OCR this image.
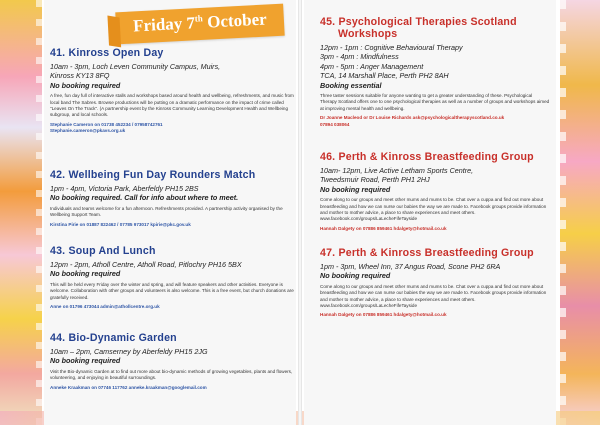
Friday 7th October
41. Kinross Open Day
10am - 3pm, Loch Leven Community Campus, Muirs,
Kinross KY13 8FQ
No booking required
A free, fun day full of interactive stalls and workshops based around health and wellbeing, refreshments, and music from local band The Sabres. Browse productions will be putting on a dramatic performance on the impact of crime called "Leaves On The Track". (A partnership event by the Kinross Community Learning Development Health and Wellbeing subgroup, and local schools.
Stephanie Cameron on 01738 452234 / 07958742761
Stephanie.cameron@pkavs.org.uk
42. Wellbeing Fun Day Rounders Match
1pm - 4pm, Victoria Park, Aberfeldy PH15 2BS
No booking required. Call for info about where to meet.
Individuals and teams welcome for a fun afternoon. Refreshments provided. A partnership activity organised by the Wellbeing Support Team.
Kirstina Pirie on 01887 822462 / 07785 973017 kpirie@pkc.gov.uk
43. Soup And Lunch
12pm - 2pm, Atholl Centre, Atholl Road, Pitlochry PH16 5BX
No booking required
This will be held every Friday over the winter and spring, and will feature speakers and other activities. Everyone is welcome. Collaboration with other groups and volunteers is also welcome. This is a free event, but church donations are gratefully received.
Anne on 01796 473044 admin@athollcentre.org.uk
44. Bio-Dynamic Garden
10am – 2pm, Camserney by Aberfeldy PH15 2JG
No booking required
Visit the Bio-dynamic Garden at to find out more about bio-dynamic methods of growing vegetables, plants and flowers, volunteering, and enjoying in beautiful surroundings.
Anneke Kraakman on 07746 117762 anneke.kraakman@googlemail.com
45. Psychological Therapies Scotland
Workshops
12pm - 1pm : Cognitive Behavioural Therapy
3pm - 4pm : Mindfulness
4pm - 5pm : Anger Management
TCA, 14 Marshall Place, Perth PH2 8AH
Booking essential
Three taster sessions suitable for anyone wanting to get a greater understanding of these. Psychological Therapy Scotland offers one to one psychological therapies as well as a number of groups and workshops aimed at improving mental health and wellbeing.
Dr Joanne Macleod or Dr Louise Richards ask@psychologicaltherapyscotland.co.uk
07894 038064
46. Perth & Kinross Breastfeeding Group
10am- 12pm, Live Active Letham Sports Centre,
Tweedsmuir Road, Perth PH1 2HJ
No booking required
Come along to our groups and meet other mums and mums to be. Chat over a cuppa and find out more about breastfeeding and how we can nurse our babies the way we are made to. Facebook groups provide information and mother to mother advice, a place to share experiences and meet others. www.facebook.com/groups/LaLecheFifeTayside
Hannah Dalgety on 07886 859461 hdalgety@hotmail.co.uk
47. Perth & Kinross Breastfeeding Group
1pm - 3pm, Wheel Inn, 37 Angus Road, Scone PH2 6RA
No booking required
Come along to our groups and meet other mums and mums to be. Chat over a cuppa and find out more about breastfeeding and how we can nurse our babies the way we are made to. Facebook groups provide information and mother to mother advice, a place to share experiences and meet others. www.facebook.com/groups/LaLecheFifeTayside
Hannah Dalgety on 07886 859461 hdalgety@hotmail.co.uk
